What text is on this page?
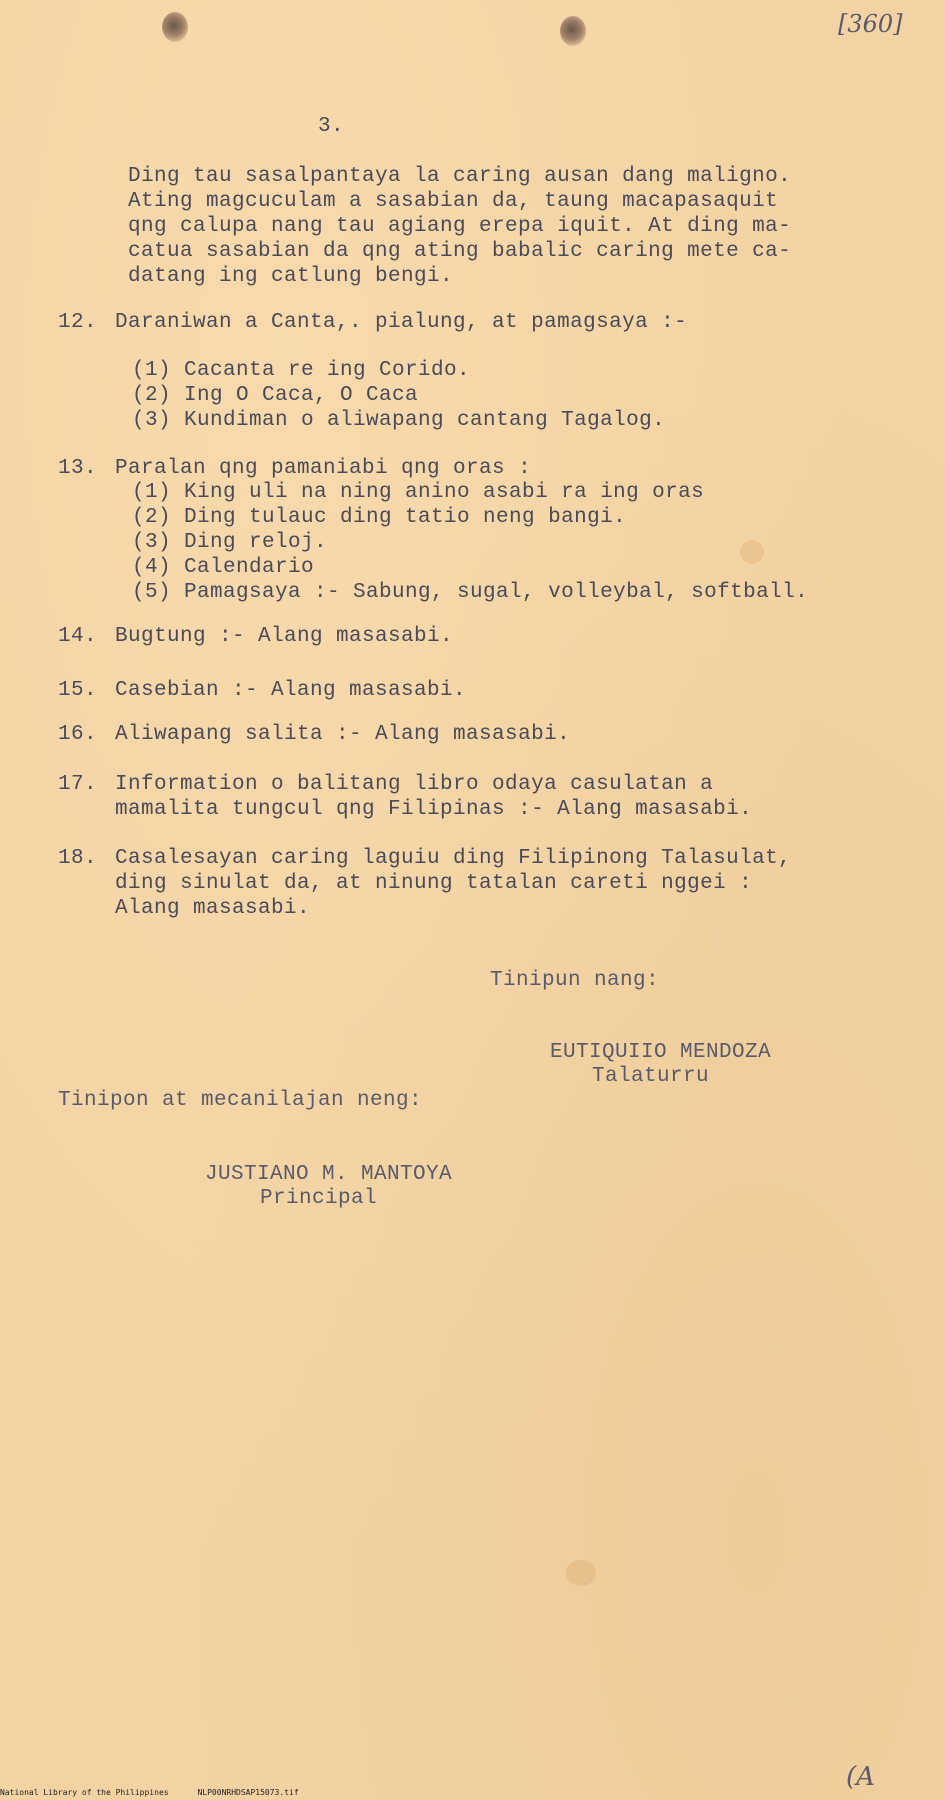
[360]
3.
Ding tau sasalpantaya la caring ausan dang maligno.
Ating magcuculam a sasabian da, taung macapasaquit
qng calupa nang tau agiang erepa iquit. At ding ma-
catua sasabian da qng ating babalic caring mete ca-
datang ing catlung bengi.
12. Daraniwan a Canta,. pialung, at pamagsaya :-
(1) Cacanta re ing Corido.
(2) Ing O Caca, O Caca
(3) Kundiman o aliwapang cantang Tagalog.
13. Paralan qng pamaniabi qng oras :
(1) King uli na ning anino asabi ra ing oras
(2) Ding tulauc ding tatio neng bangi.
(3) Ding reloj.
(4) Calendario
(5) Pamagsaya :- Sabung, sugal, volleybal, softball.
14. Bugtung :- Alang masasabi.
15. Casebian :- Alang masasabi.
16. Aliwapang salita :- Alang masasabi.
17. Information o balitang libro odaya casulatan a
mamalita tungcul qng Filipinas :- Alang masasabi.
18. Casalesayan caring laguiu ding Filipinong Talasulat,
ding sinulat da, at ninung tatalan careti nggei :
Alang masasabi.
Tinipun nang:
EUTIQUIIO MENDOZA
Talaturru
Tinipon at mecanilajan neng:
JUSTIANO M. MANTOYA
Principal
(A
National Library of the Philippines	NLP00NRHDSAP15073.tif
